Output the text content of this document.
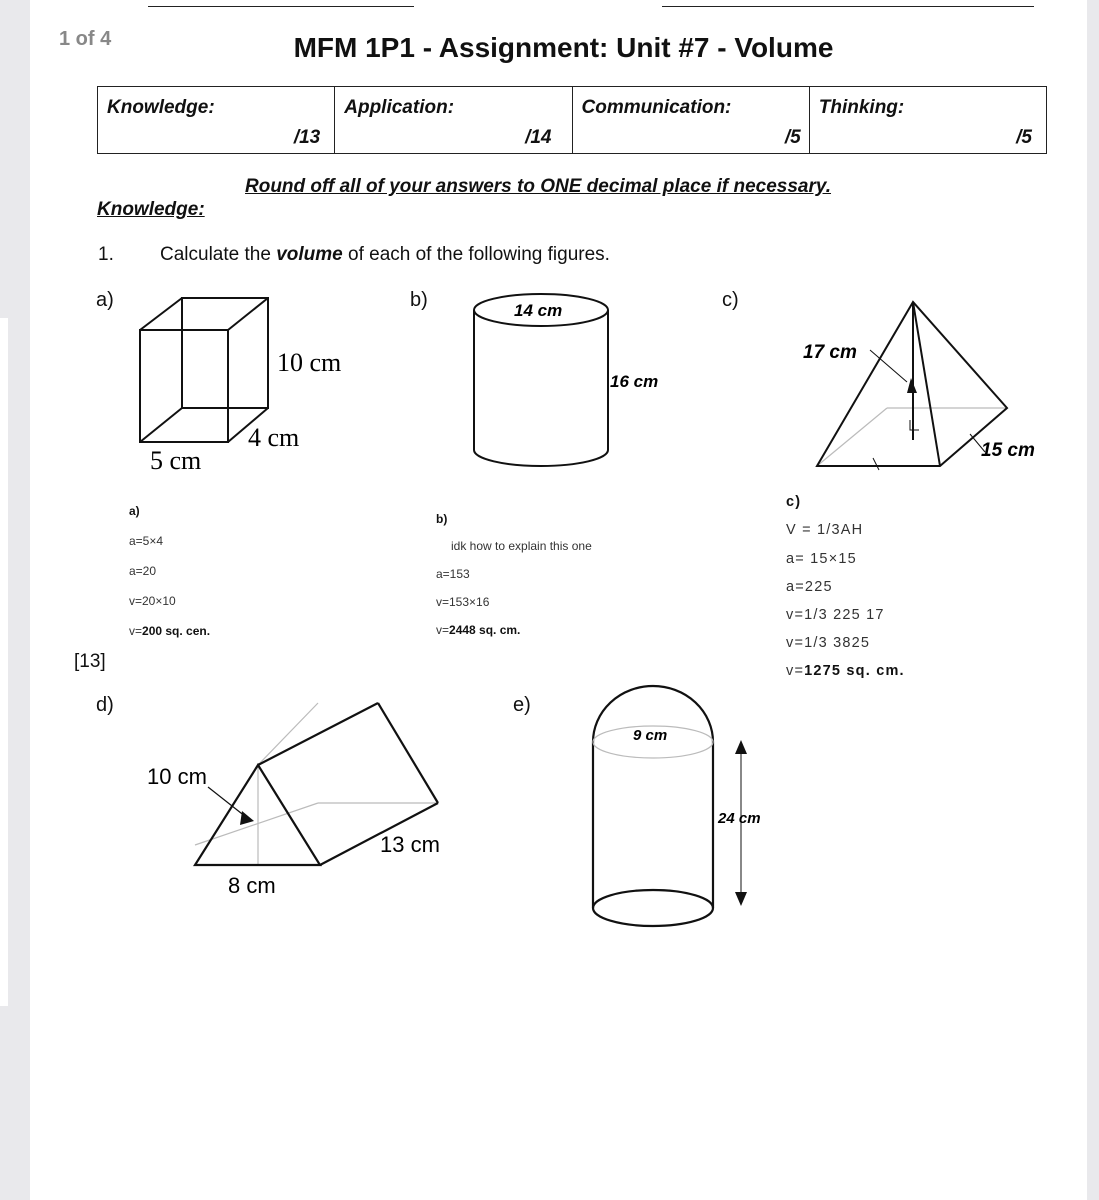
1 of 4	MFM 1P1 - Assignment: Unit #7 - Volume
Knowledge:
/13

Application:
/14

Communication:
/5

Thinking:
/5
Round off all of your answers to ONE decimal place if necessary.
Knowledge:
1. Calculate the volume of each of the following figures.
a)	b)	c)
d)	e)
10 cm
4 cm
5 cm
14 cm
16 cm
17 cm
15 cm
a)
a=5×4
a=20
v=20×10
v=200 sq. cen.
b)
idk how to explain this one
a=153
v=153×16
v=2448 sq. cm.
c)
V = 1/3AH
a= 15×15
a=225
v=1/3 225 17
v=1/3 3825
v=1275 sq. cm.
[13]
10 cm
13 cm
8 cm
9 cm
24 cm
